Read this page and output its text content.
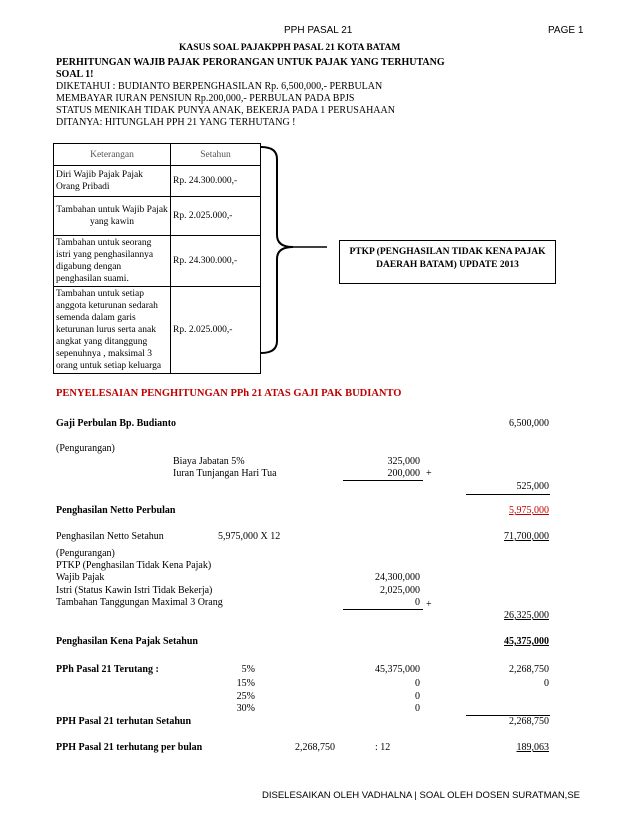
PPH PASAL 21	PAGE 1
KASUS SOAL PAJAKPPH PASAL 21 KOTA BATAM
PERHITUNGAN WAJIB PAJAK PERORANGAN UNTUK PAJAK YANG TERHUTANG
SOAL 1!
DIKETAHUI : BUDIANTO BERPENGHASILAN Rp. 6,500,000,- PERBULAN
MEMBAYAR IURAN PENSIUN Rp.200,000,- PERBULAN PADA BPJS
STATUS MENIKAH TIDAK PUNYA ANAK, BEKERJA PADA 1 PERUSAHAAN
DITANYA: HITUNGLAH PPH 21 YANG TERHUTANG !
Keterangan	Setahun
Diri Wajib Pajak Pajak Orang Pribadi	Rp. 24.300.000,-
Tambahan untuk Wajib Pajak yang kawin	Rp. 2.025.000,-
Tambahan untuk seorang istri yang penghasilannya digabung dengan penghasilan suami.	Rp. 24.300.000,-
Tambahan untuk setiap anggota keturunan sedarah semenda dalam garis keturunan lurus serta anak angkat yang ditanggung sepenuhnya , maksimal 3 orang untuk setiap keluarga	Rp. 2.025.000,-
PTKP (PENGHASILAN TIDAK KENA PAJAK DAERAH BATAM) UPDATE 2013
PENYELESAIAN PENGHITUNGAN PPh 21 ATAS GAJI PAK BUDIANTO
Gaji Perbulan Bp. Budianto	6,500,000
(Pengurangan)
Biaya Jabatan 5%	325,000
Iuran Tunjangan Hari Tua	200,000 +
525,000
Penghasilan Netto Perbulan	5,975,000
Penghasilan Netto Setahun	5,975,000 X 12	71,700,000
(Pengurangan)
PTKP (Penghasilan Tidak Kena Pajak)
Wajib Pajak	24,300,000
Istri (Status Kawin Istri Tidak Bekerja)	2,025,000
Tambahan Tanggungan Maximal 3 Orang	0 +
26,325,000
Penghasilan Kena Pajak Setahun	45,375,000
PPh Pasal 21 Terutang :	5%	45,375,000	2,268,750
15%	0	0
25%	0
30%	0
PPH Pasal 21 terhutan Setahun	2,268,750
PPH Pasal 21 terhutang per bulan	2,268,750	: 12	189,063
DISELESAIKAN OLEH VADHALNA | SOAL OLEH DOSEN SURATMAN,SE
